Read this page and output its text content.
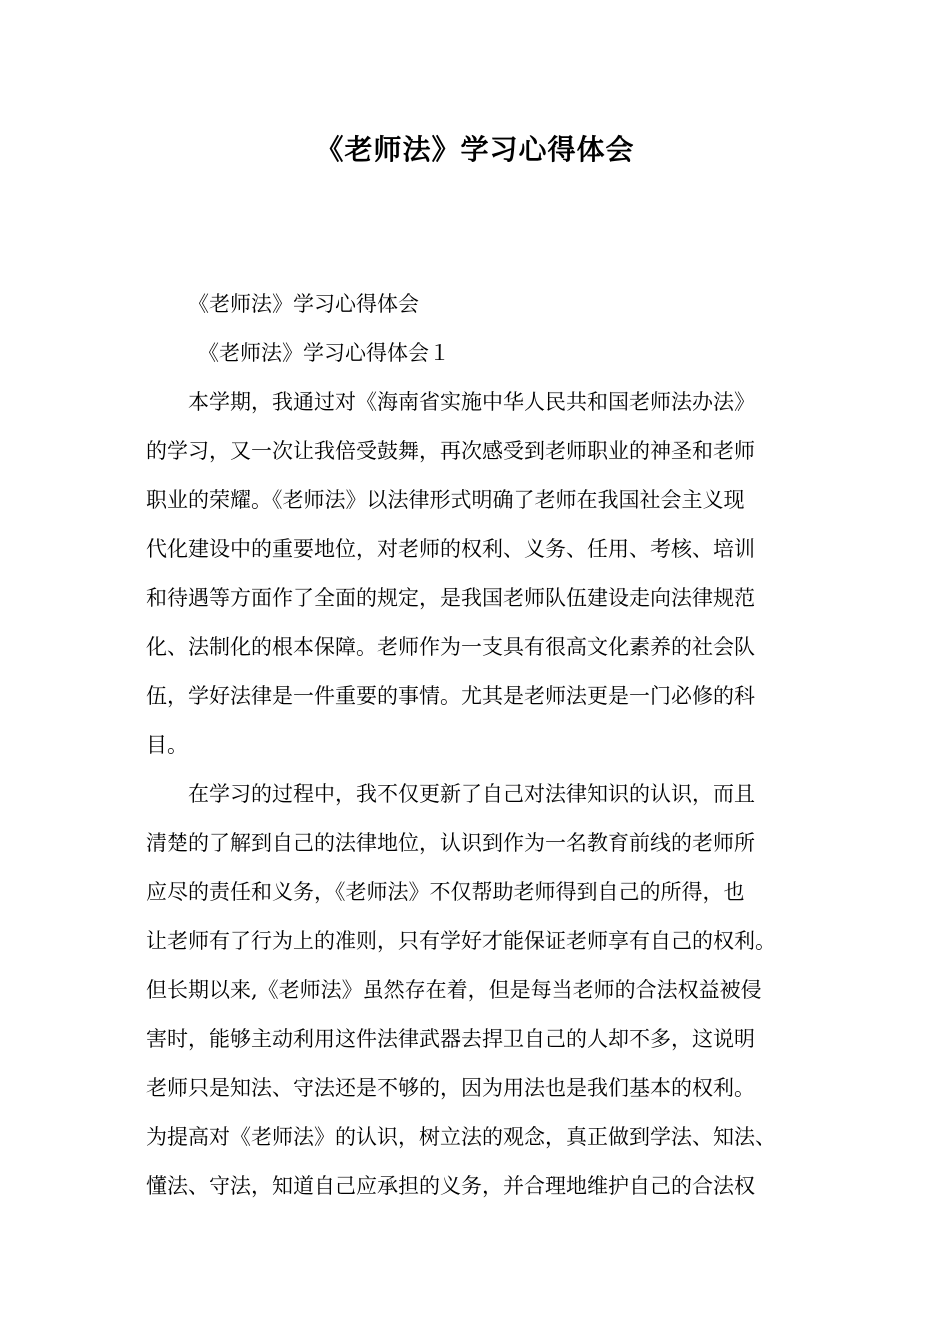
《老师法》学习心得体会
《老师法》学习心得体会
《老师法》学习心得体会１
本学期，我通过对《海南省实施中华人民共和国老师法办法》
的学习，又一次让我倍受鼓舞，再次感受到老师职业的神圣和老师
职业的荣耀。《老师法》以法律形式明确了老师在我国社会主义现
代化建设中的重要地位，对老师的权利、义务、任用、考核、培训
和待遇等方面作了全面的规定，是我国老师队伍建设走向法律规范
化、法制化的根本保障。老师作为一支具有很高文化素养的社会队
伍，学好法律是一件重要的事情。尤其是老师法更是一门必修的科
目。
在学习的过程中，我不仅更新了自己对法律知识的认识，而且
清楚的了解到自己的法律地位，认识到作为一名教育前线的老师所
应尽的责任和义务，《老师法》不仅帮助老师得到自己的所得，也
让老师有了行为上的准则，只有学好才能保证老师享有自己的权利。
但长期以来,《老师法》虽然存在着，但是每当老师的合法权益被侵
害时，能够主动利用这件法律武器去捍卫自己的人却不多，这说明
老师只是知法、守法还是不够的，因为用法也是我们基本的权利。
为提高对《老师法》的认识，树立法的观念，真正做到学法、知法、
懂法、守法，知道自己应承担的义务，并合理地维护自己的合法权
